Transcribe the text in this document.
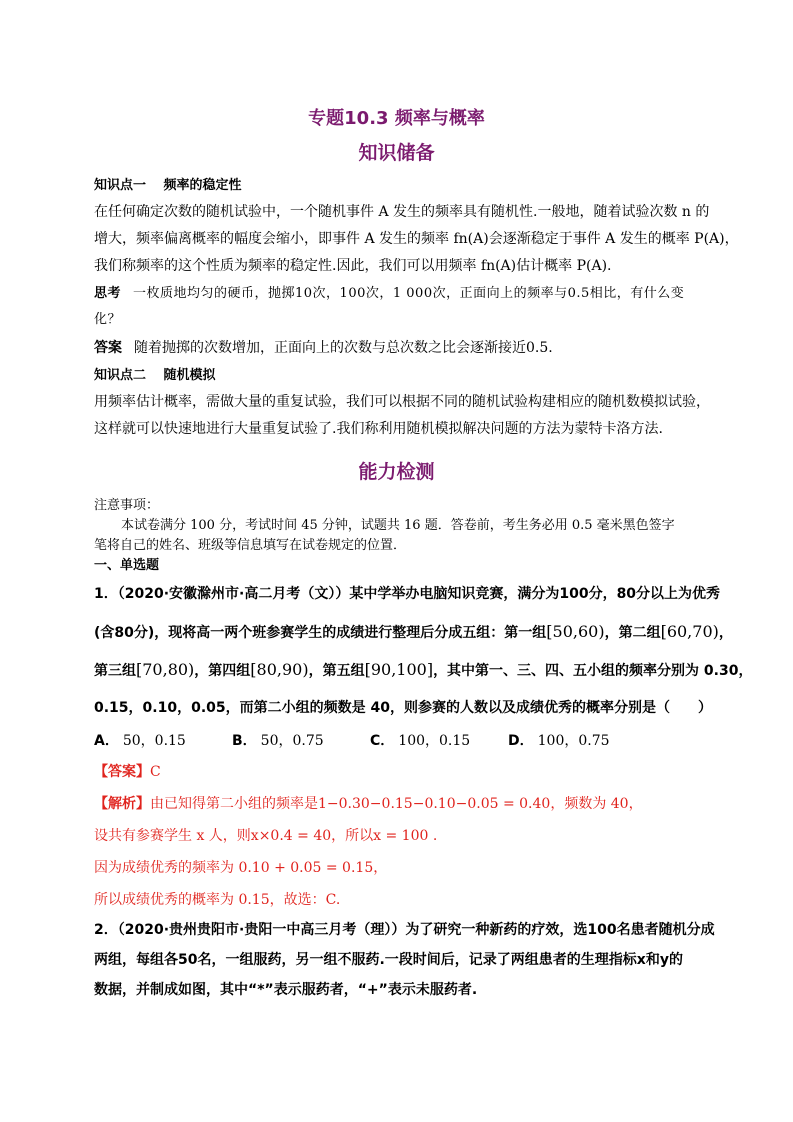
专题10.3 频率与概率
知识储备
知识点一　 频率的稳定性
在任何确定次数的随机试验中，一个随机事件 A 发生的频率具有随机性.一般地，随着试验次数 n 的
增大，频率偏离概率的幅度会缩小，即事件 A 发生的频率 fn(A)会逐渐稳定于事件 A 发生的概率 P(A)，
我们称频率的这个性质为频率的稳定性.因此，我们可以用频率 fn(A)估计概率 P(A).
思考 一枚质地均匀的硬币，抛掷10次，100次，1 000次，正面向上的频率与0.5相比，有什么变
化？
答案 随着抛掷的次数增加，正面向上的次数与总次数之比会逐渐接近0.5.
知识点二　 随机模拟
用频率估计概率，需做大量的重复试验，我们可以根据不同的随机试验构建相应的随机数模拟试验，
这样就可以快速地进行大量重复试验了.我们称利用随机模拟解决问题的方法为蒙特卡洛方法.
能力检测
注意事项：
本试卷满分 100 分，考试时间 45 分钟，试题共 16 题．答卷前，考生务必用 0.5 毫米黑色签字
笔将自己的姓名、班级等信息填写在试卷规定的位置．
一、单选题
1．（2020·安徽滁州市·高二月考（文））某中学举办电脑知识竞赛，满分为100分，80分以上为优秀
(含80分)，现将高一两个班参赛学生的成绩进行整理后分成五组：第一组[50,60)，第二组[60,70)，
第三组[70,80)，第四组[80,90)，第五组[90,100]，其中第一、三、四、五小组的频率分别为 0.30，
0.15，0.10，0.05，而第二小组的频数是 40，则参赛的人数以及成绩优秀的概率分别是（　　）
A． 50，0.15	B． 50，0.75	C． 100，0.15	D． 100，0.75
【答案】C
【解析】由已知得第二小组的频率是1−0.30−0.15−0.10−0.05 = 0.40，频数为 40，
设共有参赛学生 x 人，则x×0.4 = 40，所以x = 100 .
因为成绩优秀的频率为 0.10 + 0.05 = 0.15，
所以成绩优秀的概率为 0.15，故选：C.
2．（2020·贵州贵阳市·贵阳一中高三月考（理））为了研究一种新药的疗效，选100名患者随机分成
两组，每组各50名，一组服药，另一组不服药.一段时间后，记录了两组患者的生理指标x和y的
数据，并制成如图，其中“*”表示服药者，“+”表示未服药者.
